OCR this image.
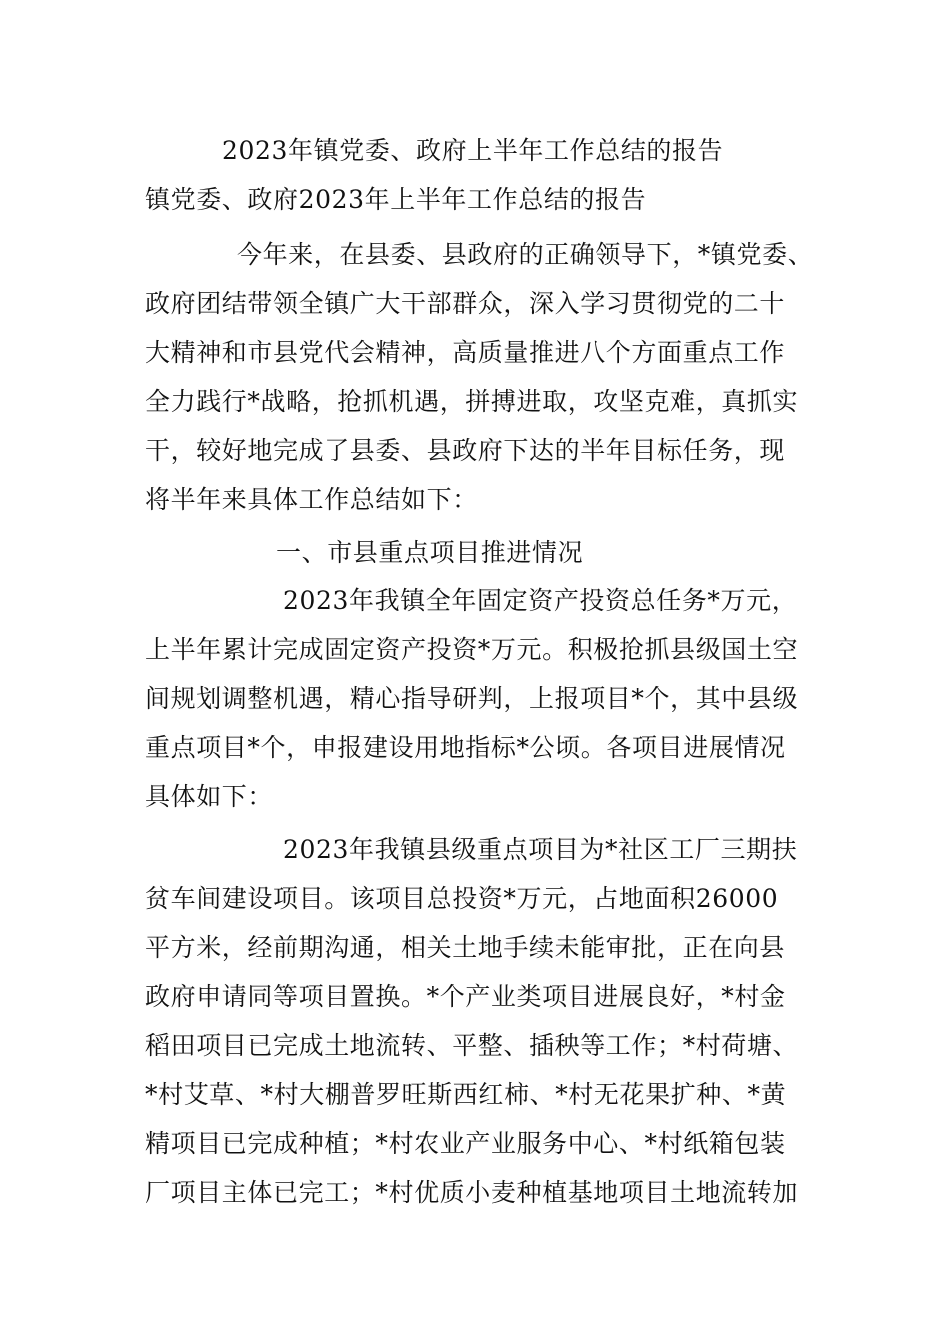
2023年镇党委、政府上半年工作总结的报告
镇党委、政府2023年上半年工作总结的报告
今年来，在县委、县政府的正确领导下，*镇党委、
政府团结带领全镇广大干部群众，深入学习贯彻党的二十
大精神和市县党代会精神，高质量推进八个方面重点工作
全力践行*战略，抢抓机遇，拼搏进取，攻坚克难，真抓实
干，较好地完成了县委、县政府下达的半年目标任务，现
将半年来具体工作总结如下：
一、市县重点项目推进情况
2023年我镇全年固定资产投资总任务*万元，
上半年累计完成固定资产投资*万元。积极抢抓县级国土空
间规划调整机遇，精心指导研判，上报项目*个，其中县级
重点项目*个，申报建设用地指标*公顷。各项目进展情况
具体如下：
2023年我镇县级重点项目为*社区工厂三期扶
贫车间建设项目。该项目总投资*万元，占地面积26000
平方米，经前期沟通，相关土地手续未能审批，正在向县
政府申请同等项目置换。*个产业类项目进展良好，*村金
稻田项目已完成土地流转、平整、插秧等工作；*村荷塘、
*村艾草、*村大棚普罗旺斯西红柿、*村无花果扩种、*黄
精项目已完成种植；*村农业产业服务中心、*村纸箱包装
厂项目主体已完工；*村优质小麦种植基地项目土地流转加
